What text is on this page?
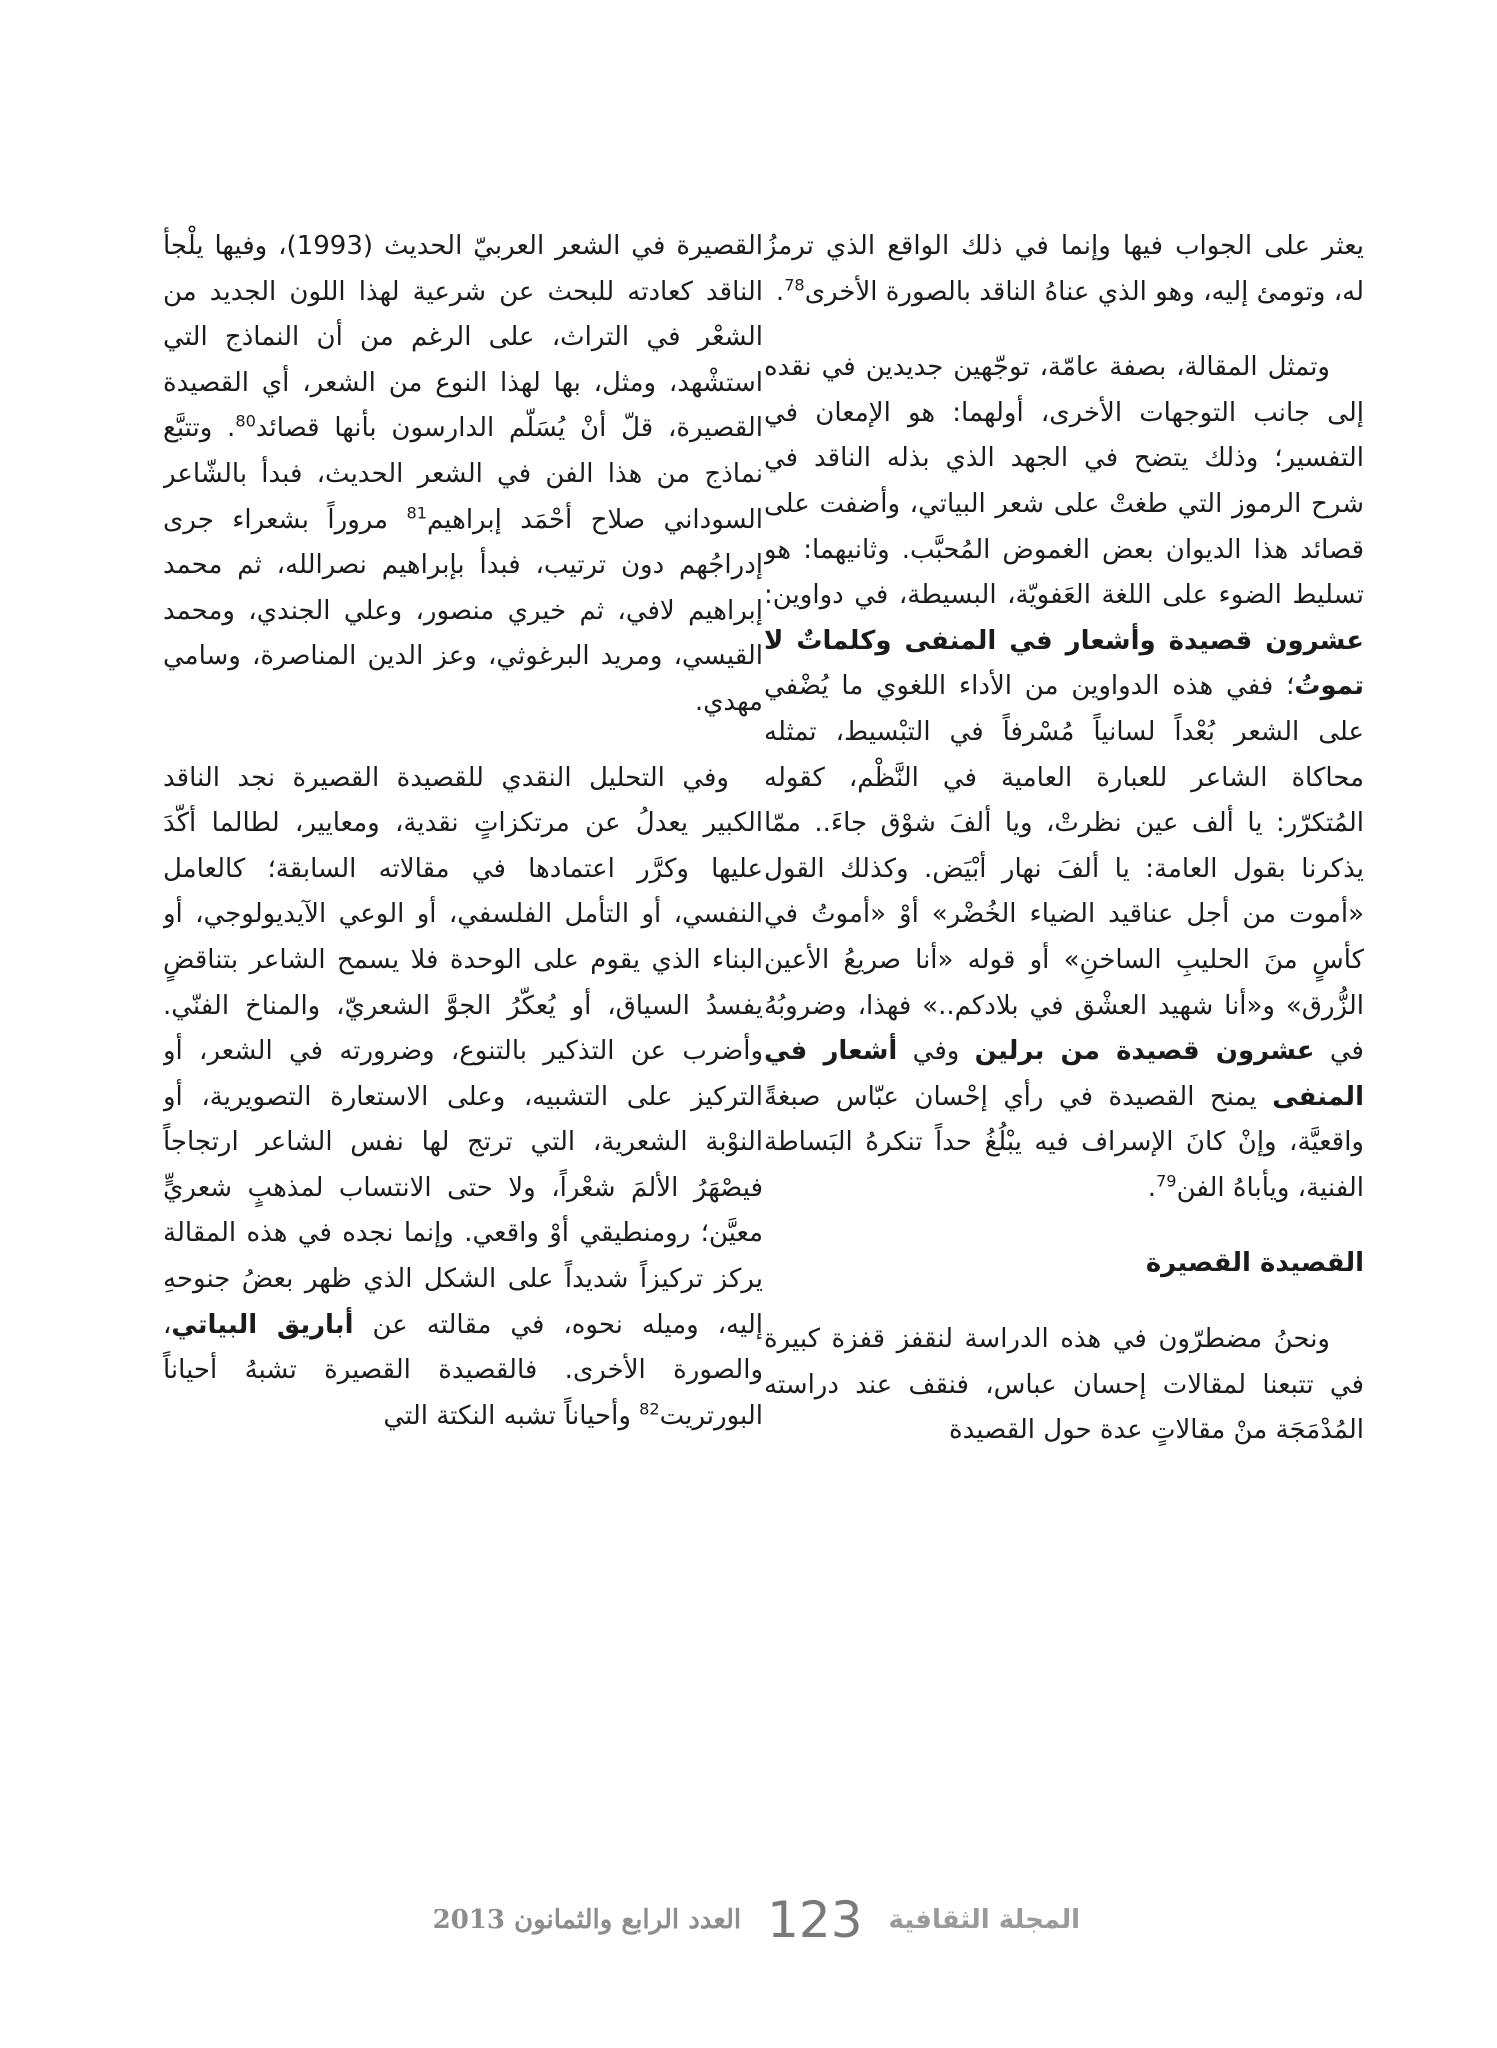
يعثر على الجواب فيها وإنما في ذلك الواقع الذي ترمزُ له، وتومئ إليه، وهو الذي عناهُ الناقد بالصورة الأخرى$^{78}$.

وتمثل المقالة، بصفة عامّة، توجّهين جديدين في نقده إلى جانب التوجهات الأخرى، أولهما: هو الإمعان في التفسير؛ وذلك يتضح في الجهد الذي بذله الناقد في شرح الرموز التي طغتْ على شعر البياتي، وأضفت على قصائد هذا الديوان بعض الغموض المُحبَّب. وثانيهما: هو تسليط الضوء على اللغة العَفويّة، البسيطة، في دواوين: عشرون قصيدة وأشعار في المنفى وكلماتٌ لا تموتُ؛ ففي هذه الدواوين من الأداء اللغوي ما يُضْفي على الشعر بُعْداً لسانياً مُسْرفاً في التبْسيط، تمثله محاكاة الشاعر للعبارة العامية في النَّظْم، كقوله المُتكرّر: يا ألف عين نظرتْ، ويا ألفَ شوْق جاءَ.. ممّا يذكرنا بقول العامة: يا ألفَ نهار أبْيَض. وكذلك القول «أموت من أجل عناقيد الضياء الخُضْر» أوْ «أموتُ في كأسٍ منَ الحليبِ الساخنِ» أو قوله «أنا صريعُ الأعين الزُّرق» و«أنا شهيد العشْق في بلادكم..» فهذا، وضروبُهُ في عشرون قصيدة من برلين وفي أشعار في المنفى يمنح القصيدة في رأي إحْسان عبّاس صبغةً واقعيَّة، وإنْ كانَ الإسراف فيه يبْلُغُ حداً تنكرهُ البَساطة الفنية، ويأباهُ الفن$^{79}$.

القصيدة القصيرة

ونحنُ مضطرّون في هذه الدراسة لنقفز قفزة كبيرة في تتبعنا لمقالات إحسان عباس، فنقف عند دراسته المُدْمَجَة منْ مقالاتٍ عدة حول القصيدة

القصيرة في الشعر العربيّ الحديث (1993)، وفيها يلْجأ الناقد كعادته للبحث عن شرعية لهذا اللون الجديد من الشعْر في التراث، على الرغم من أن النماذج التي استشْهد، ومثل، بها لهذا النوع من الشعر، أي القصيدة القصيرة، قلّ أنْ يُسَلّم الدارسون بأنها قصائد$^{80}$. وتتبَّع نماذج من هذا الفن في الشعر الحديث، فبدأ بالشّاعر السوداني صلاح أحْمَد إبراهيم$^{81}$ مروراً بشعراء جرى إدراجُهم دون ترتيب، فبدأ بإبراهيم نصرالله، ثم محمد إبراهيم لافي، ثم خيري منصور، وعلي الجندي، ومحمد القيسي، ومريد البرغوثي، وعز الدين المناصرة، وسامي مهدي.

وفي التحليل النقدي للقصيدة القصيرة نجد الناقد الكبير يعدلُ عن مرتكزاتٍ نقدية، ومعايير، لطالما أكّدَ عليها وكرَّر اعتمادها في مقالاته السابقة؛ كالعامل النفسي، أو التأمل الفلسفي، أو الوعي الآيديولوجي، أو البناء الذي يقوم على الوحدة فلا يسمح الشاعر بتناقضٍ يفسدُ السياق، أو يُعكّرُ الجوَّ الشعريّ، والمناخ الفنّي. وأضرب عن التذكير بالتنوع، وضرورته في الشعر، أو التركيز على التشبيه، وعلى الاستعارة التصويرية، أو النوْبة الشعرية، التي ترتج لها نفس الشاعر ارتجاجاً فيصْهَرُ الألمَ شعْراً، ولا حتى الانتساب لمذهبٍ شعريٍّ معيَّن؛ رومنطيقي أوْ واقعي. وإنما نجده في هذه المقالة يركز تركيزاً شديداً على الشكل الذي ظهر بعضُ جنوحهِ إليه، وميله نحوه، في مقالته عن أباريق البياتي، والصورة الأخرى. فالقصيدة القصيرة تشبهُ أحياناً البورتريت$^{82}$ وأحياناً تشبه النكتة التي

المجلة الثقافية
123
العدد الرابع والثمانون 2013
